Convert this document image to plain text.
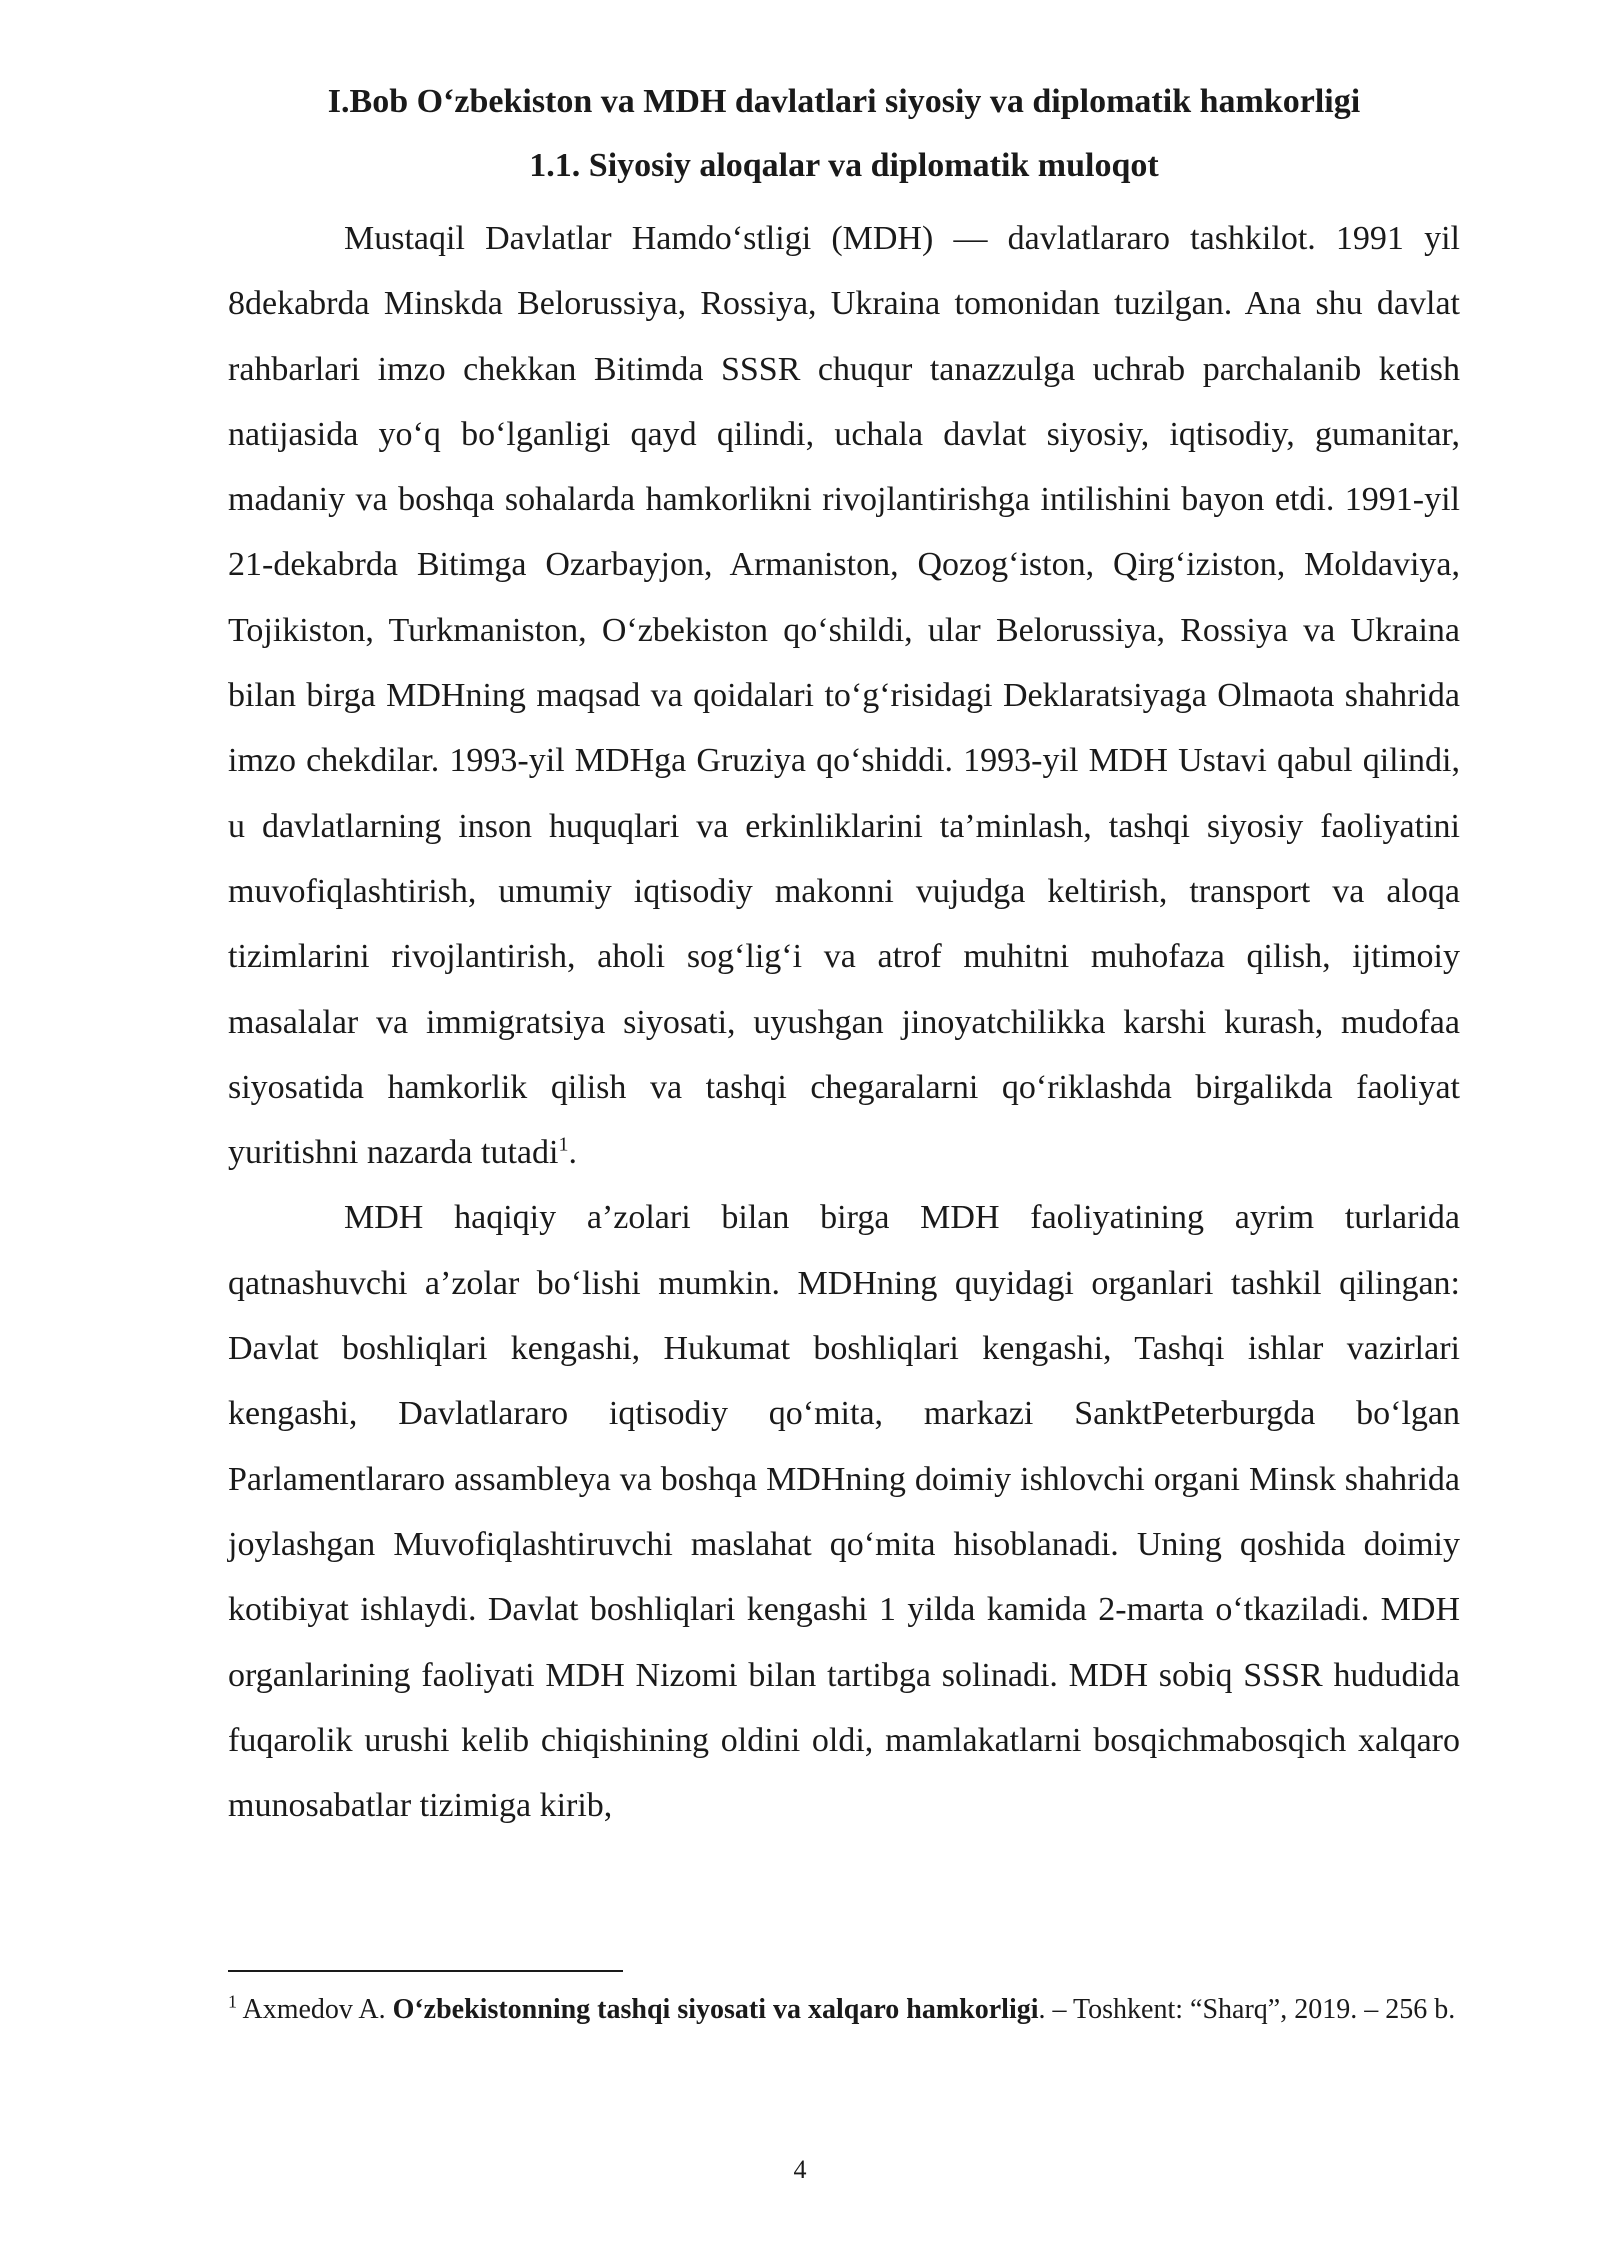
I.Bob O‘zbekiston va MDH davlatlari siyosiy va diplomatik hamkorligi
1.1. Siyosiy aloqalar va diplomatik muloqot

Mustaqil Davlatlar Hamdo‘stligi (MDH) — davlatlararo tashkilot. 1991 yil 8dekabrda Minskda Belorussiya, Rossiya, Ukraina tomonidan tuzilgan. Ana shu davlat rahbarlari imzo chekkan Bitimda SSSR chuqur tanazzulga uchrab parchalanib ketish natijasida yo‘q bo‘lganligi qayd qilindi, uchala davlat siyosiy, iqtisodiy, gumanitar, madaniy va boshqa sohalarda hamkorlikni rivojlantirishga intilishini bayon etdi. 1991-yil 21-dekabrda Bitimga Ozarbayjon, Armaniston, Qozog‘iston, Qirg‘iziston, Moldaviya, Tojikiston, Turkmaniston, O‘zbekiston qo‘shildi, ular Belorussiya, Rossiya va Ukraina bilan birga MDHning maqsad va qoidalari to‘g‘risidagi Deklaratsiyaga Olmaota shahrida imzo chekdilar. 1993-yil MDHga Gruziya qo‘shiddi. 1993-yil MDH Ustavi qabul qilindi, u davlatlarning inson huquqlari va erkinliklarini ta’minlash, tashqi siyosiy faoliyatini muvofiqlashtirish, umumiy iqtisodiy makonni vujudga keltirish, transport va aloqa tizimlarini rivojlantirish, aholi sog‘lig‘i va atrof muhitni muhofaza qilish, ijtimoiy masalalar va immigratsiya siyosati, uyushgan jinoyatchilikka karshi kurash, mudofaa siyosatida hamkorlik qilish va tashqi chegaralarni qo‘riklashda birgalikda faoliyat yuritishni nazarda tutadi$^1$.

MDH haqiqiy a’zolari bilan birga MDH faoliyatining ayrim turlarida qatnashuvchi a’zolar bo‘lishi mumkin. MDHning quyidagi organlari tashkil qilingan: Davlat boshliqlari kengashi, Hukumat boshliqlari kengashi, Tashqi ishlar vazirlari kengashi, Davlatlararo iqtisodiy qo‘mita, markazi SanktPeterburgda bo‘lgan Parlamentlararo assambleya va boshqa MDHning doimiy ishlovchi organi Minsk shahrida joylashgan Muvofiqlashtiruvchi maslahat qo‘mita hisoblanadi. Uning qoshida doimiy kotibiyat ishlaydi. Davlat boshliqlari kengashi 1 yilda kamida 2-marta o‘tkaziladi. MDH organlarining faoliyati MDH Nizomi bilan tartibga solinadi. MDH sobiq SSSR hududida fuqarolik urushi kelib chiqishining oldini oldi, mamlakatlarni bosqichmabosqich xalqaro munosabatlar tizimiga kirib,

$^1$ Axmedov A. O‘zbekistonning tashqi siyosati va xalqaro hamkorligi. – Toshkent: “Sharq”, 2019. – 256 b.

4
